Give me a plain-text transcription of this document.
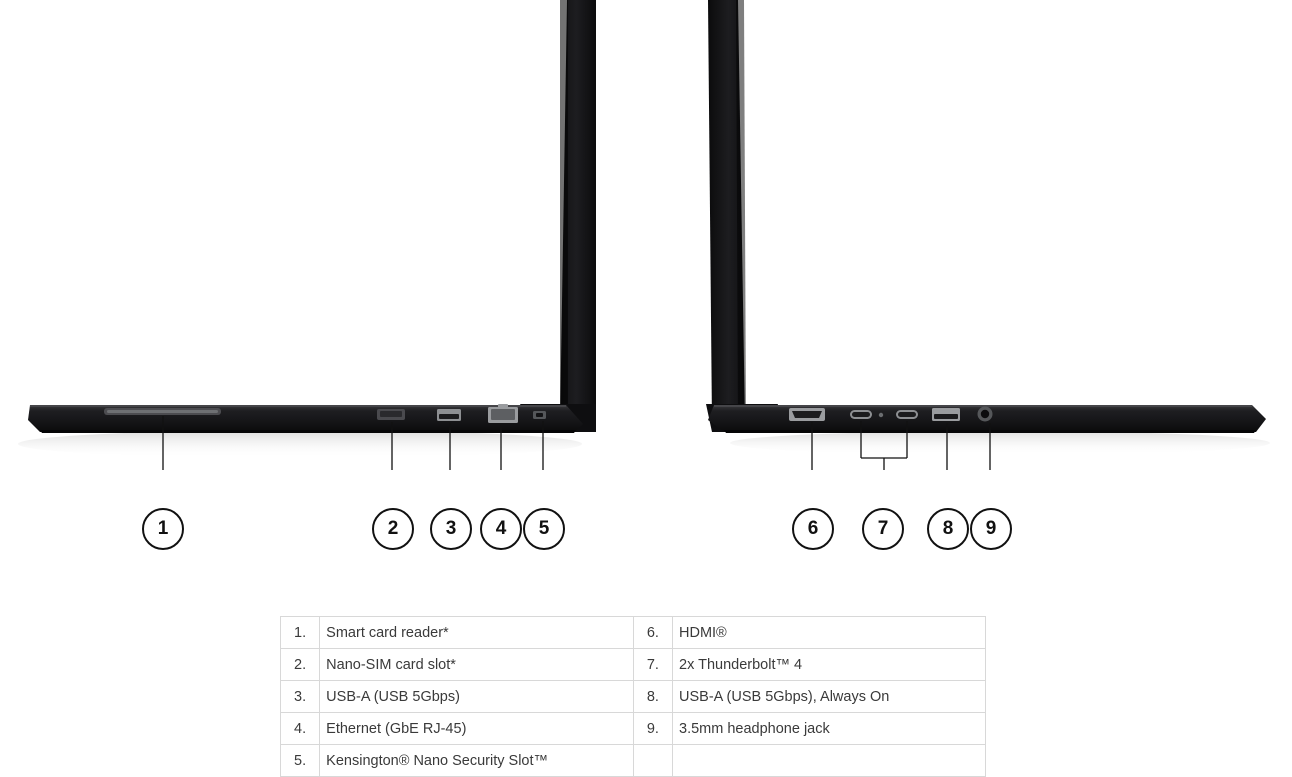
1	2 3 4 5	6	7	8 9
1.	Smart card reader*	6.	HDMI®
2.	Nano-SIM card slot*	7.	2x Thunderbolt™ 4
3.	USB-A (USB 5Gbps)	8.	USB-A (USB 5Gbps), Always On
4.	Ethernet (GbE RJ-45)	9.	3.5mm headphone jack
5.	Kensington® Nano Security Slot™		
